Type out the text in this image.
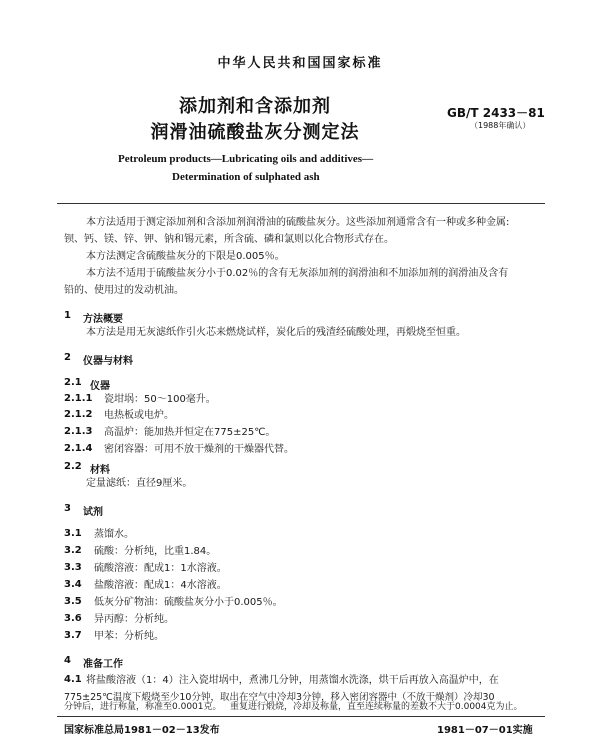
中华人民共和国国家标准
添加剂和含添加剂
润滑油硫酸盐灰分测定法
GB/T 2433－81
（1988年确认）
Petroleum products—Lubricating oils and additives—
Determination of sulphated ash
本方法适用于测定添加剂和含添加剂润滑油的硫酸盐灰分。这些添加剂通常含有一种或多种金属:
钡、钙、镁、锌、钾、钠和锡元素，所含硫、磷和氯则以化合物形式存在。
本方法测定含硫酸盐灰分的下限是0.005％。
本方法不适用于硫酸盐灰分小于0.02％的含有无灰添加剂的润滑油和不加添加剂的润滑油及含有
铅的、使用过的发动机油。
1 方法概要
本方法是用无灰滤纸作引火芯来燃烧试样，炭化后的残渣经硫酸处理，再煅烧至恒重。
2 仪器与材料
2.1 仪器
2.1.1 瓷坩埚：50～100毫升。
2.1.2 电热板或电炉。
2.1.3 高温炉：能加热并恒定在775±25℃。
2.1.4 密闭容器：可用不放干燥剂的干燥器代替。
2.2 材料
定量滤纸：直径9厘米。
3 试剂
3.1 蒸馏水。
3.2 硫酸：分析纯，比重1.84。
3.3 硫酸溶液：配成1：1水溶液。
3.4 盐酸溶液：配成1：4水溶液。
3.5 低灰分矿物油：硫酸盐灰分小于0.005％。
3.6 异丙醇：分析纯。
3.7 甲苯：分析纯。
4 准备工作
4.1 将盐酸溶液（1：4）注入瓷坩埚中，煮沸几分钟，用蒸馏水洗涤，烘干后再放入高温炉中，在
775±25℃温度下煅烧至少10分钟，取出在空气中冷却3分钟，移入密闭容器中（不放干燥剂）冷却30
国家标准总局1981－02－13发布	1981－07－01实施
分钟后，进行称量，称准至0.0001克。 重复进行煅烧，冷却及称量，直至连续称量的差数不大于0.0004克为止。
